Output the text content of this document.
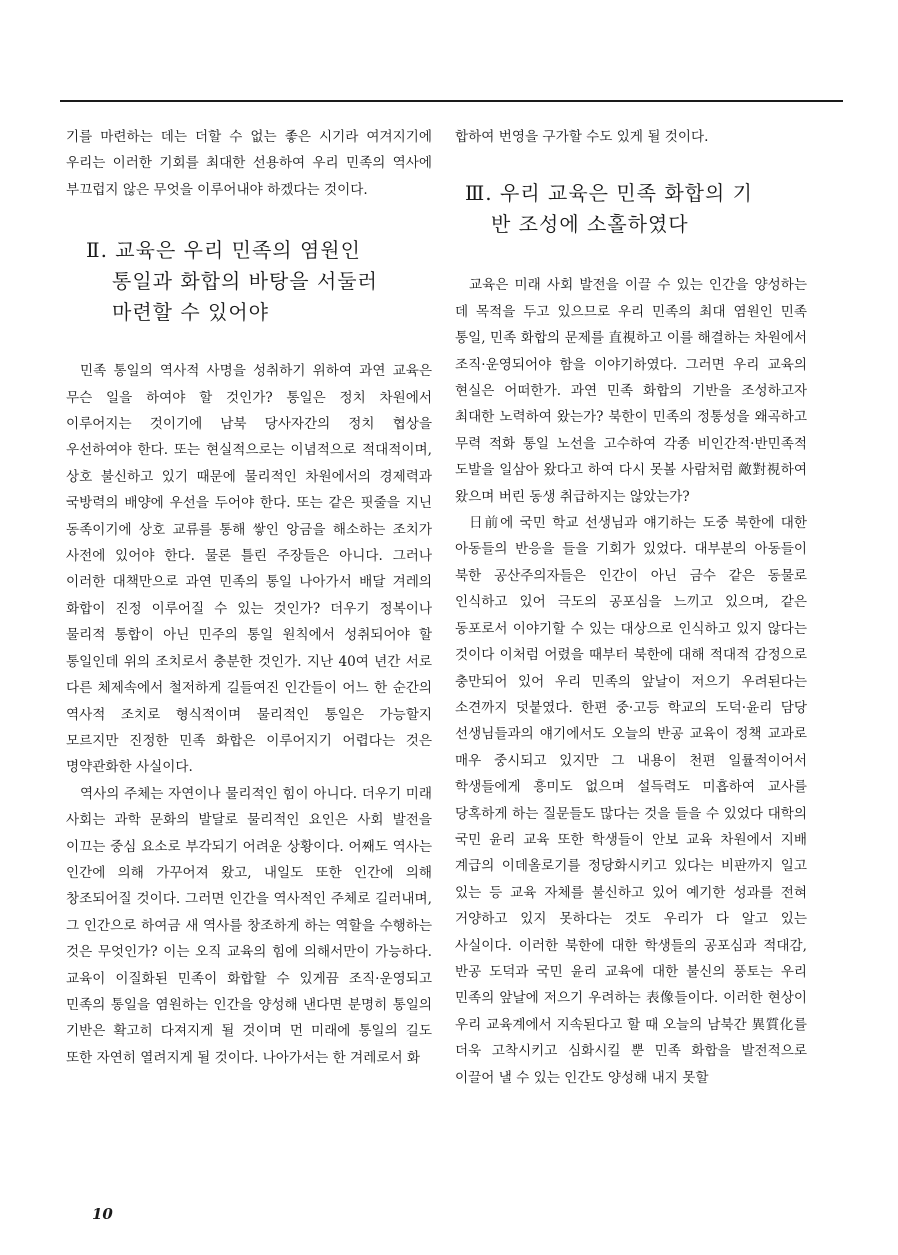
기를 마련하는 데는 더할 수 없는 좋은 시기라 여겨지기에 우리는 이러한 기회를 최대한 선용하여 우리 민족의 역사에 부끄럽지 않은 무엇을 이루어내야 하겠다는 것이다.

Ⅱ. 교육은 우리 민족의 염원인
통일과 화합의 바탕을 서둘러
마련할 수 있어야

민족 통일의 역사적 사명을 성취하기 위하여 과연 교육은 무슨 일을 하여야 할 것인가? 통일은 정치 차원에서 이루어지는 것이기에 남북 당사자간의 정치 협상을 우선하여야 한다. 또는 현실적으로는 이념적으로 적대적이며, 상호 불신하고 있기 때문에 물리적인 차원에서의 경제력과 국방력의 배양에 우선을 두어야 한다. 또는 같은 핏줄을 지닌 동족이기에 상호 교류를 통해 쌓인 앙금을 해소하는 조치가 사전에 있어야 한다. 물론 틀린 주장들은 아니다. 그러나 이러한 대책만으로 과연 민족의 통일 나아가서 배달 겨레의 화합이 진정 이루어질 수 있는 것인가? 더우기 정복이나 물리적 통합이 아닌 민주의 통일 원칙에서 성취되어야 할 통일인데 위의 조치로서 충분한 것인가. 지난 40여 년간 서로 다른 체제속에서 철저하게 길들여진 인간들이 어느 한 순간의 역사적 조치로 형식적이며 물리적인 통일은 가능할지 모르지만 진정한 민족 화합은 이루어지기 어렵다는 것은 명약관화한 사실이다.

역사의 주체는 자연이나 물리적인 힘이 아니다. 더우기 미래 사회는 과학 문화의 발달로 물리적인 요인은 사회 발전을 이끄는 중심 요소로 부각되기 어려운 상황이다. 어째도 역사는 인간에 의해 가꾸어져 왔고, 내일도 또한 인간에 의해 창조되어질 것이다. 그러면 인간을 역사적인 주체로 길러내며, 그 인간으로 하여금 새 역사를 창조하게 하는 역할을 수행하는 것은 무엇인가? 이는 오직 교육의 힘에 의해서만이 가능하다. 교육이 이질화된 민족이 화합할 수 있게끔 조직·운영되고 민족의 통일을 염원하는 인간을 양성해 낸다면 분명히 통일의 기반은 확고히 다져지게 될 것이며 먼 미래에 통일의 길도 또한 자연히 열려지게 될 것이다. 나아가서는 한 겨레로서 화

합하여 번영을 구가할 수도 있게 될 것이다.

Ⅲ. 우리 교육은 민족 화합의 기
반 조성에 소홀하였다

교육은 미래 사회 발전을 이끌 수 있는 인간을 양성하는 데 목적을 두고 있으므로 우리 민족의 최대 염원인 민족 통일, 민족 화합의 문제를 直視하고 이를 해결하는 차원에서 조직·운영되어야 함을 이야기하였다. 그러면 우리 교육의 현실은 어떠한가. 과연 민족 화합의 기반을 조성하고자 최대한 노력하여 왔는가? 북한이 민족의 정통성을 왜곡하고 무력 적화 통일 노선을 고수하여 각종 비인간적·반민족적 도발을 일삼아 왔다고 하여 다시 못볼 사람처럼 敵對視하여 왔으며 버린 동생 취급하지는 않았는가?

日前에 국민 학교 선생님과 얘기하는 도중 북한에 대한 아동들의 반응을 들을 기회가 있었다. 대부분의 아동들이 북한 공산주의자들은 인간이 아닌 금수 같은 동물로 인식하고 있어 극도의 공포심을 느끼고 있으며, 같은 동포로서 이야기할 수 있는 대상으로 인식하고 있지 않다는 것이다 이처럼 어렸을 때부터 북한에 대해 적대적 감정으로 충만되어 있어 우리 민족의 앞날이 저으기 우려된다는 소견까지 덧붙였다. 한편 중·고등 학교의 도덕·윤리 담당 선생님들과의 얘기에서도 오늘의 반공 교육이 정책 교과로 매우 중시되고 있지만 그 내용이 천편 일률적이어서 학생들에게 흥미도 없으며 설득력도 미흡하여 교사를 당혹하게 하는 질문들도 많다는 것을 들을 수 있었다 대학의 국민 윤리 교육 또한 학생들이 안보 교육 차원에서 지배 계급의 이데올로기를 정당화시키고 있다는 비판까지 일고 있는 등 교육 자체를 불신하고 있어 예기한 성과를 전혀 거양하고 있지 못하다는 것도 우리가 다 알고 있는 사실이다. 이러한 북한에 대한 학생들의 공포심과 적대감, 반공 도덕과 국민 윤리 교육에 대한 불신의 풍토는 우리 민족의 앞날에 저으기 우려하는 表像들이다. 이러한 현상이 우리 교육계에서 지속된다고 할 때 오늘의 남북간 異質化를 더욱 고착시키고 심화시킬 뿐 민족 화합을 발전적으로 이끌어 낼 수 있는 인간도 양성해 내지 못할

10
